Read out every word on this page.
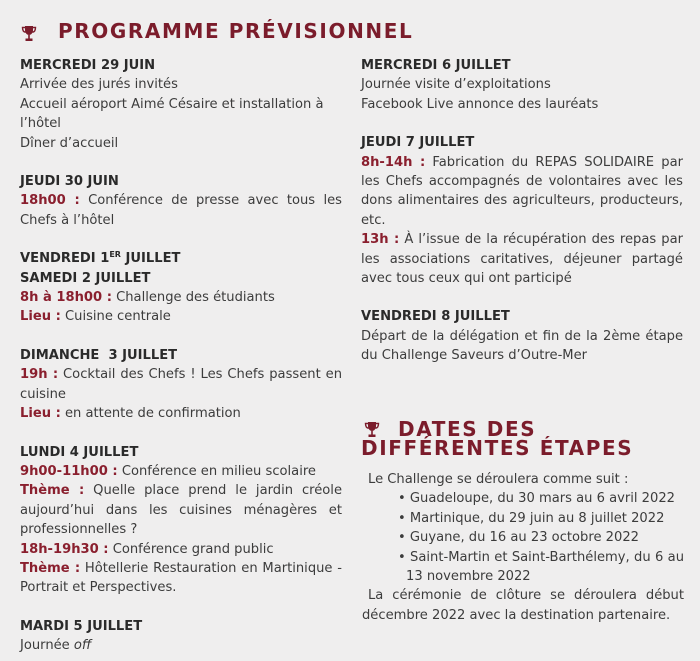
PROGRAMME PRÉVISIONNEL

MERCREDI 29 JUIN

Arrivée des jurés invités

Accueil aéroport Aimé Césaire et installation à l’hôtel

Dîner d’accueil

JEUDI 30 JUIN

18h00 : Conférence de presse avec tous les Chefs à l’hôtel

VENDREDI 1ER JUILLET

SAMEDI 2 JUILLET

8h à 18h00 : Challenge des étudiants

Lieu : Cuisine centrale

DIMANCHE  3 JUILLET

19h : Cocktail des Chefs ! Les Chefs passent en cuisine

Lieu : en attente de confirmation

LUNDI 4 JUILLET

9h00-11h00 : Conférence en milieu scolaire

Thème : Quelle place prend le jardin créole aujourd’hui dans les cuisines ménagères et professionnelles ?

18h-19h30 : Conférence grand public

Thème : Hôtellerie Restauration en Martinique - Portrait et Perspectives.

MARDI 5 JUILLET

Journée off

MERCREDI 6 JUILLET

Journée visite d’exploitations

Facebook Live annonce des lauréats

JEUDI 7 JUILLET

8h-14h : Fabrication du REPAS SOLIDAIRE par les Chefs accompagnés de volontaires avec les dons alimentaires des agriculteurs, producteurs, etc.

13h : À l’issue de la récupération des repas par les associations caritatives, déjeuner partagé avec tous ceux qui ont participé

VENDREDI 8 JUILLET

Départ de la délégation et fin de la 2ème étape du Challenge Saveurs d’Outre-Mer

DATES DES
DIFFÉRENTES ÉTAPES

Le Challenge se déroulera comme suit :

• Guadeloupe, du 30 mars au 6 avril 2022
• Martinique, du 29 juin au 8 juillet 2022
• Guyane, du 16 au 23 octobre 2022
• Saint-Martin et Saint-Barthélemy, du 6 au 13 novembre 2022

La cérémonie de clôture se déroulera début décembre 2022 avec la destination partenaire.
